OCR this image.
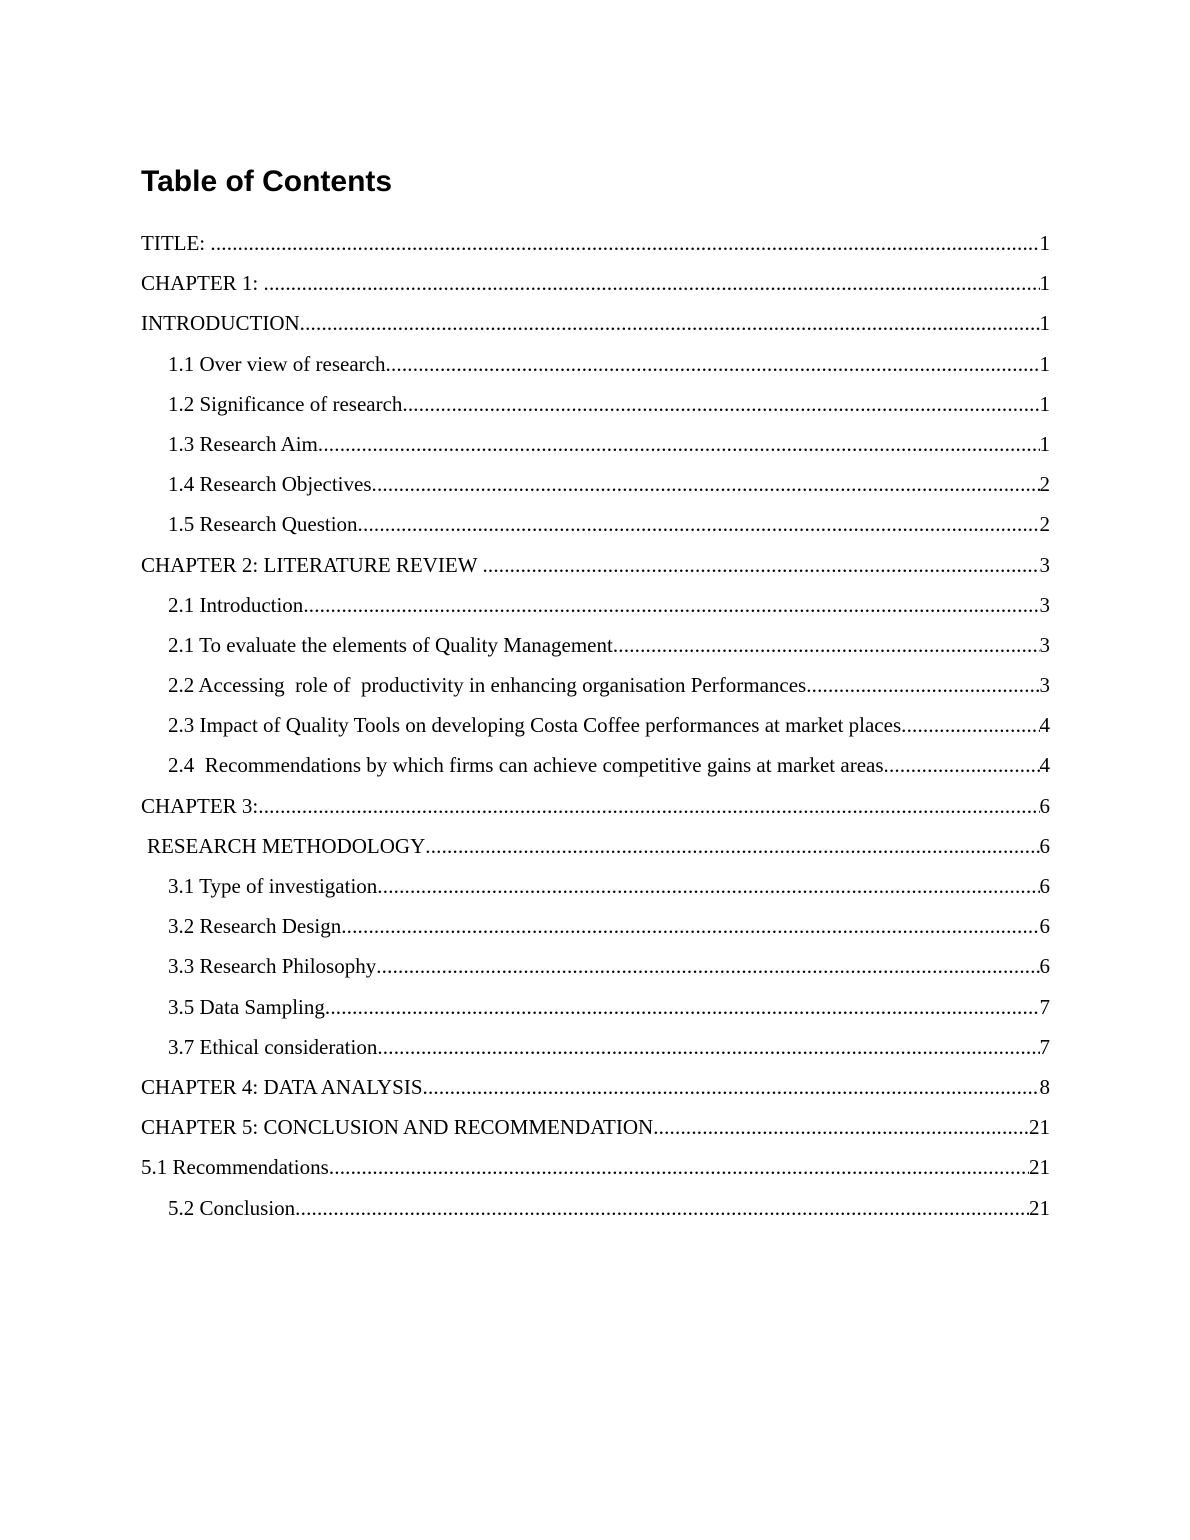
Table of Contents
TITLE: .....	1
CHAPTER 1: .....	1
INTRODUCTION .....	1
1.1 Over view of research .....	1
1.2 Significance of research .....	1
1.3 Research Aim .....	1
1.4 Research Objectives .....	2
1.5 Research Question .....	2
CHAPTER 2: LITERATURE REVIEW .....	3
2.1 Introduction .....	3
2.1 To evaluate the elements of Quality Management .....	3
2.2 Accessing  role of  productivity in enhancing organisation Performances .....	3
2.3 Impact of Quality Tools on developing Costa Coffee performances at market places .....	4
2.4  Recommendations by which firms can achieve competitive gains at market areas .....	4
CHAPTER 3: .....	6
RESEARCH METHODOLOGY .....	6
3.1 Type of investigation .....	6
3.2 Research Design .....	6
3.3 Research Philosophy .....	6
3.5 Data Sampling .....	7
3.7 Ethical consideration .....	7
CHAPTER 4: DATA ANALYSIS .....	8
CHAPTER 5: CONCLUSION AND RECOMMENDATION .....	21
5.1 Recommendations .....	21
5.2 Conclusion .....	21
